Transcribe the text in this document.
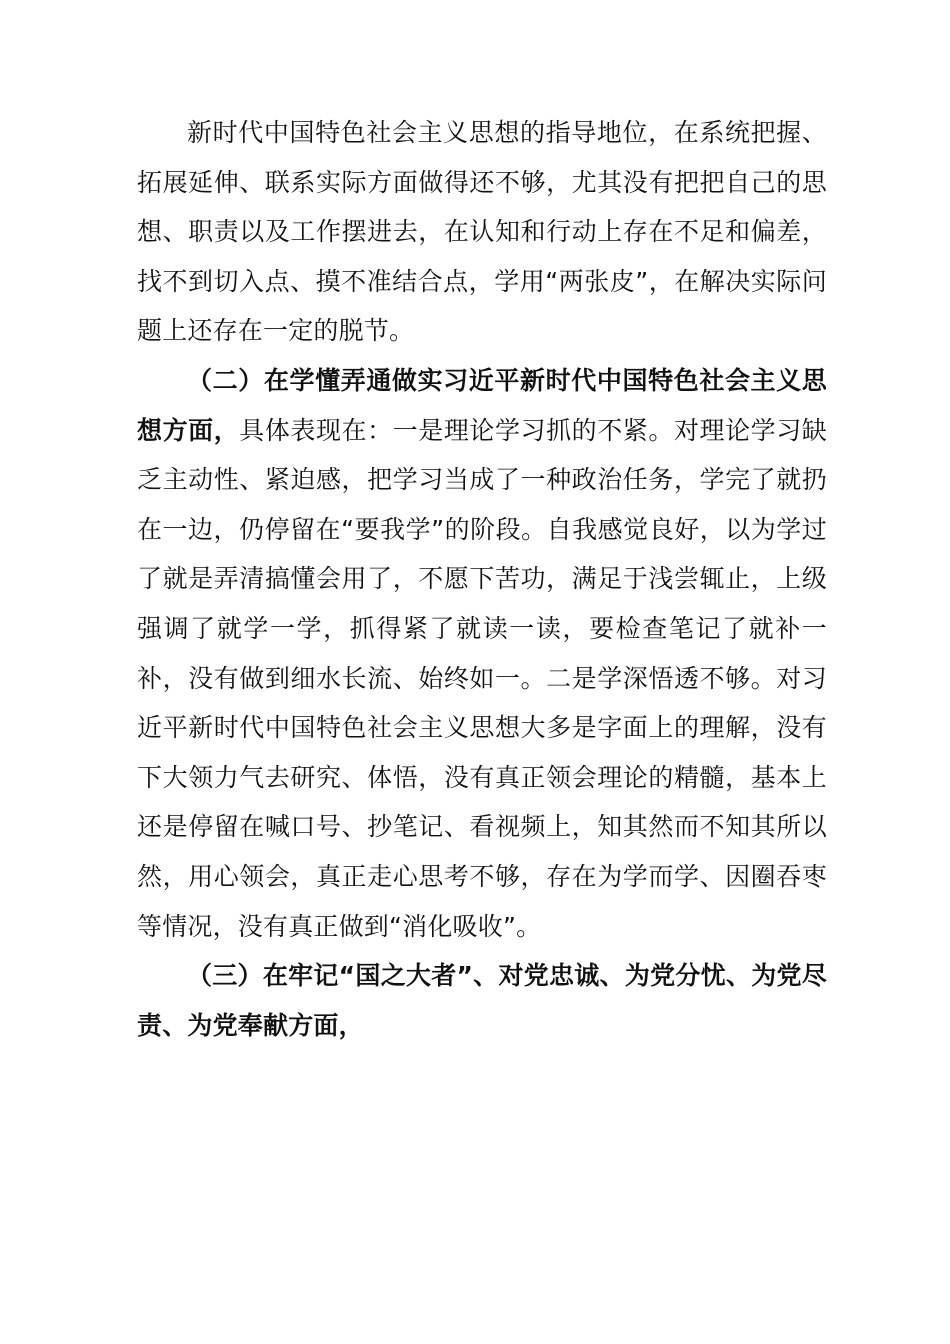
新时代中国特色社会主义思想的指导地位，在系统把握、拓展延伸、联系实际方面做得还不够，尤其没有把把自己的思想、职责以及工作摆进去，在认知和行动上存在不足和偏差，找不到切入点、摸不准结合点，学用“两张皮”，在解决实际问题上还存在一定的脱节。

（二）在学懂弄通做实习近平新时代中国特色社会主义思想方面，具体表现在：一是理论学习抓的不紧。对理论学习缺乏主动性、紧迫感，把学习当成了一种政治任务，学完了就扔在一边，仍停留在“要我学”的阶段。自我感觉良好，以为学过了就是弄清搞懂会用了，不愿下苦功，满足于浅尝辄止，上级强调了就学一学，抓得紧了就读一读，要检查笔记了就补一补，没有做到细水长流、始终如一。二是学深悟透不够。对习近平新时代中国特色社会主义思想大多是字面上的理解，没有下大领力气去研究、体悟，没有真正领会理论的精髓，基本上还是停留在喊口号、抄笔记、看视频上，知其然而不知其所以然，用心领会，真正走心思考不够，存在为学而学、因圈吞枣等情况，没有真正做到“消化吸收”。

（三）在牢记“国之大者”、对党忠诚、为党分忧、为党尽责、为党奉献方面，
